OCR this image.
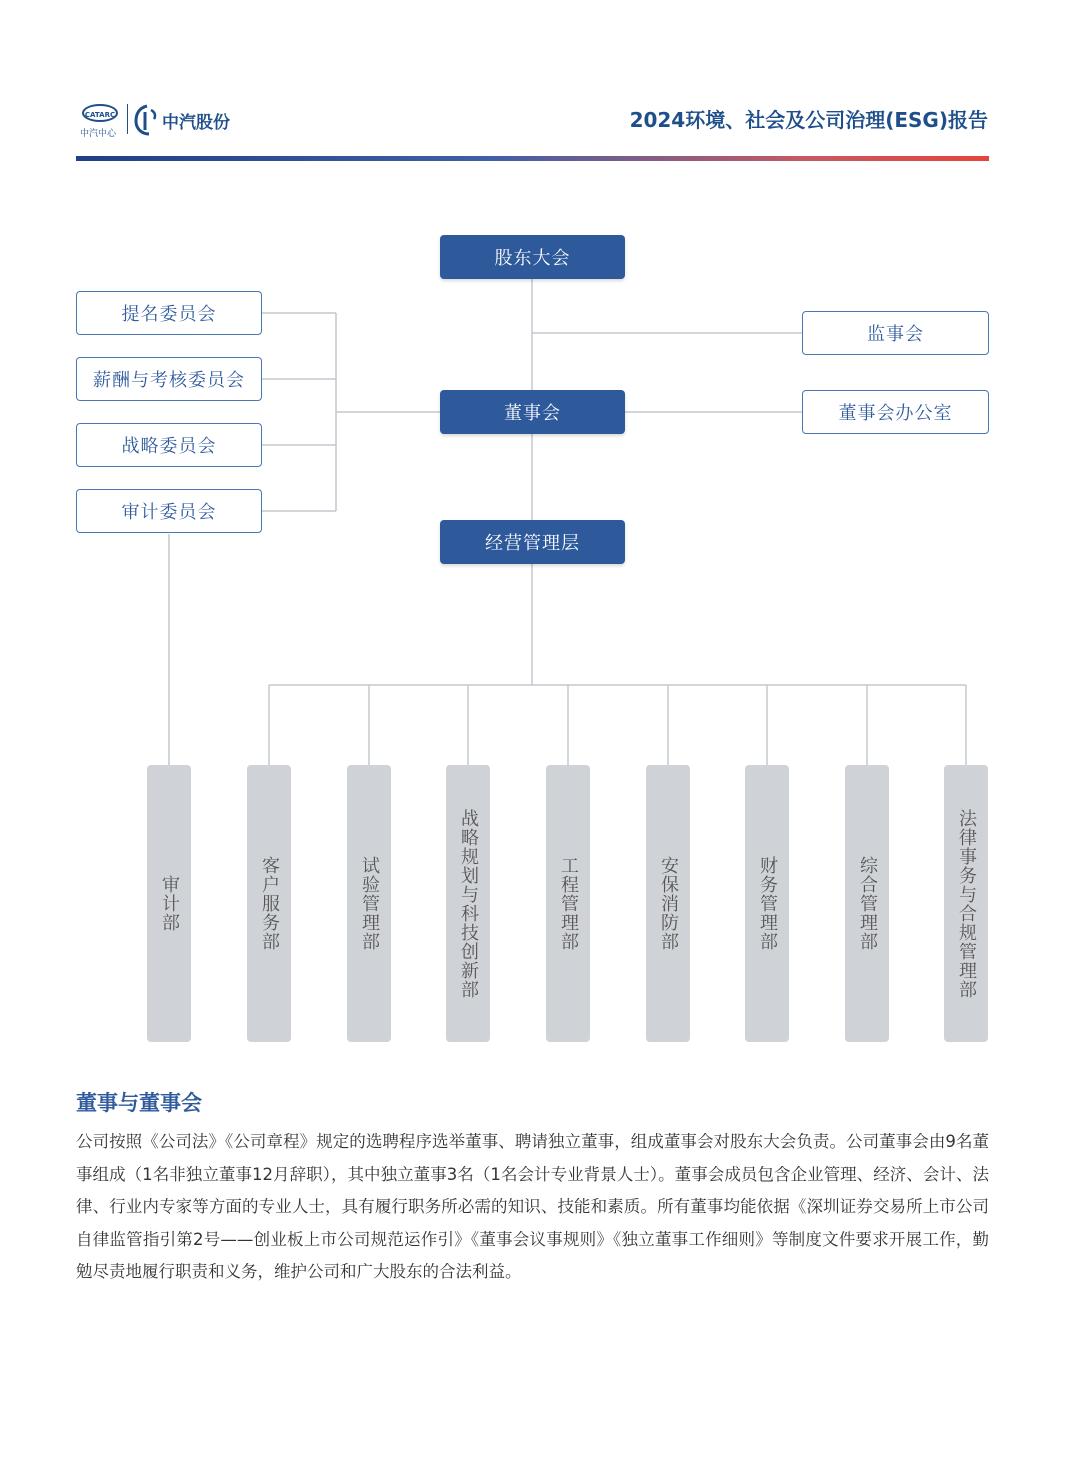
CATARC
中汽中心
中汽股份	2024环境、社会及公司治理(ESG)报告
股东大会
董事会
经营管理层
监事会
董事会办公室
提名委员会
薪酬与考核委员会
战略委员会
审计委员会
审计部	客户服务部	试验管理部	战略规划与科技创新部	工程管理部	安保消防部	财务管理部	综合管理部	法律事务与合规管理部
董事与董事会
公司按照《公司法》《公司章程》规定的选聘程序选举董事、聘请独立董事，组成董事会对股东大会负责。公司董事会由9名董事组成（1名非独立董事12月辞职），其中独立董事3名（1名会计专业背景人士）。董事会成员包含企业管理、经济、会计、法律、行业内专家等方面的专业人士，具有履行职务所必需的知识、技能和素质。所有董事均能依据《深圳证券交易所上市公司自律监管指引第2号——创业板上市公司规范运作引》《董事会议事规则》《独立董事工作细则》等制度文件要求开展工作，勤勉尽责地履行职责和义务，维护公司和广大股东的合法利益。
